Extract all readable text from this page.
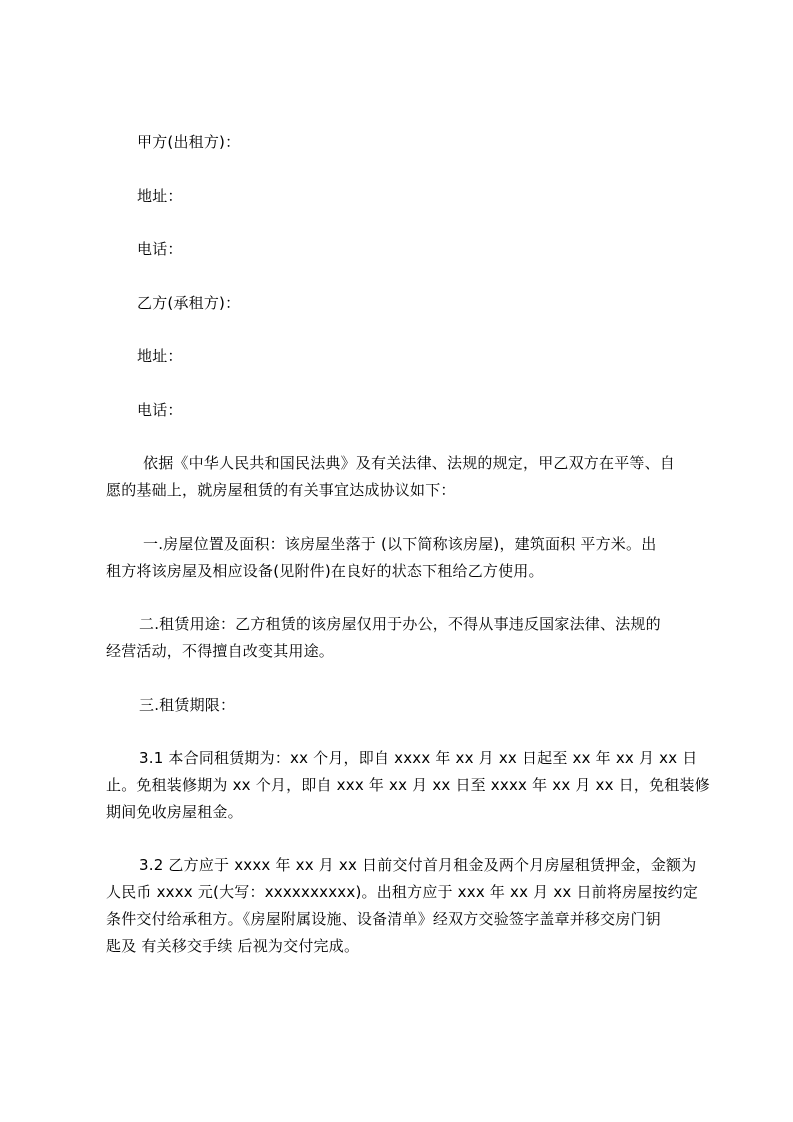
甲方(出租方)：
地址：
电话：
乙方(承租方)：
地址：
电话：
依据《中华人民共和国民法典》及有关法律、法规的规定，甲乙双方在平等、自
愿的基础上，就房屋租赁的有关事宜达成协议如下：
一.房屋位置及面积：该房屋坐落于 (以下简称该房屋)，建筑面积 平方米。出
租方将该房屋及相应设备(见附件)在良好的状态下租给乙方使用。
二.租赁用途：乙方租赁的该房屋仅用于办公，不得从事违反国家法律、法规的
经营活动，不得擅自改变其用途。
三.租赁期限：
3.1 本合同租赁期为：xx 个月，即自 xxxx 年 xx 月 xx 日起至 xx 年 xx 月 xx 日
止。免租装修期为 xx 个月，即自 xxx 年 xx 月 xx 日至 xxxx 年 xx 月 xx 日，免租装修
期间免收房屋租金。
3.2 乙方应于 xxxx 年 xx 月 xx 日前交付首月租金及两个月房屋租赁押金，金额为
人民币 xxxx 元(大写：xxxxxxxxxx)。出租方应于 xxx 年 xx 月 xx 日前将房屋按约定
条件交付给承租方。《房屋附属设施、设备清单》经双方交验签字盖章并移交房门钥
匙及 有关移交手续 后视为交付完成。
